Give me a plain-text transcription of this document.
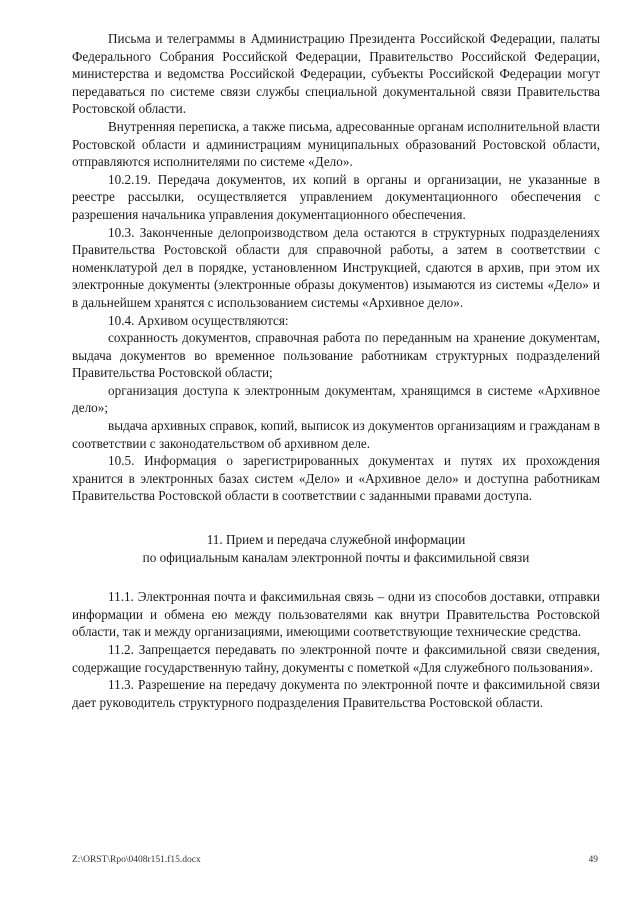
Письма и телеграммы в Администрацию Президента Российской Федерации, палаты Федерального Собрания Российской Федерации, Правительство Российской Федерации, министерства и ведомства Российской Федерации, субъекты Российской Федерации могут передаваться по системе связи службы специальной документальной связи Правительства Ростовской области.

Внутренняя переписка, а также письма, адресованные органам исполнительной власти Ростовской области и администрациям муниципальных образований Ростовской области, отправляются исполнителями по системе «Дело».

10.2.19. Передача документов, их копий в органы и организации, не указанные в реестре рассылки, осуществляется управлением документационного обеспечения с разрешения начальника управления документационного обеспечения.

10.3. Законченные делопроизводством дела остаются в структурных подразделениях Правительства Ростовской области для справочной работы, а затем в соответствии с номенклатурой дел в порядке, установленном Инструкцией, сдаются в архив, при этом их электронные документы (электронные образы документов) изымаются из системы «Дело» и в дальнейшем хранятся с использованием системы «Архивное дело».

10.4. Архивом осуществляются:

сохранность документов, справочная работа по переданным на хранение документам, выдача документов во временное пользование работникам структурных подразделений Правительства Ростовской области;

организация доступа к электронным документам, хранящимся в системе «Архивное дело»;

выдача архивных справок, копий, выписок из документов организациям и гражданам в соответствии с законодательством об архивном деле.

10.5. Информация о зарегистрированных документах и путях их прохождения хранится в электронных базах систем «Дело» и «Архивное дело» и доступна работникам Правительства Ростовской области в соответствии с заданными правами доступа.

11. Прием и передача служебной информации
по официальным каналам электронной почты и факсимильной связи

11.1. Электронная почта и факсимильная связь – одни из способов доставки, отправки информации и обмена ею между пользователями как внутри Правительства Ростовской области, так и между организациями, имеющими соответствующие технические средства.

11.2. Запрещается передавать по электронной почте и факсимильной связи сведения, содержащие государственную тайну, документы с пометкой «Для служебного пользования».

11.3. Разрешение на передачу документа по электронной почте и факсимильной связи дает руководитель структурного подразделения Правительства Ростовской области.

Z:\ORST\Rpo\0408r151.f15.docx	49
